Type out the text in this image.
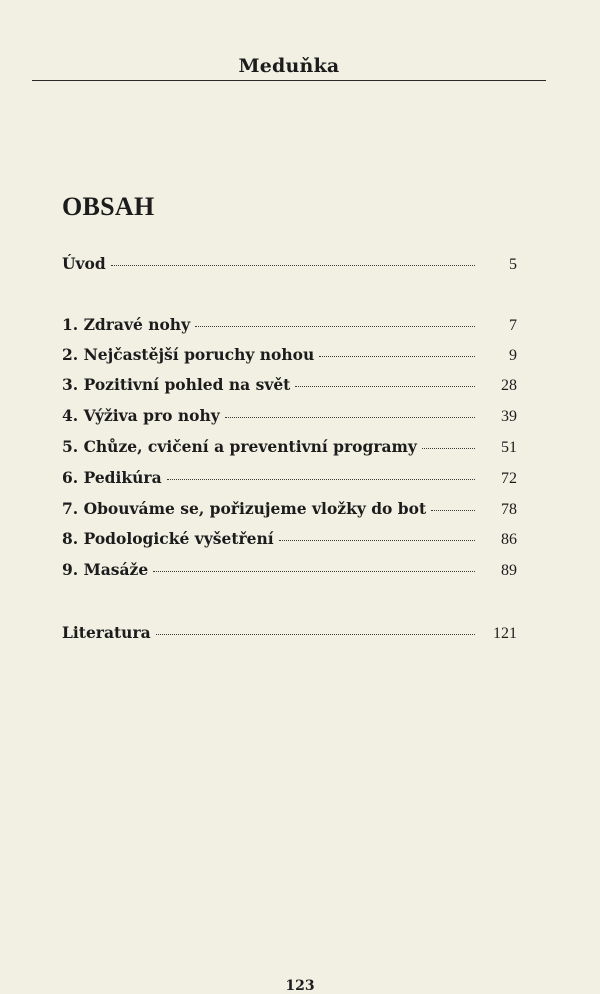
Meduňka
OBSAH
Úvod	5
1. Zdravé nohy	7
2. Nejčastější poruchy nohou	9
3. Pozitivní pohled na svět	28
4. Výživa pro nohy	39
5. Chůze, cvičení a preventivní programy	51
6. Pedikúra	72
7. Obouváme se, pořizujeme vložky do bot	78
8. Podologické vyšetření	86
9. Masáže	89
Literatura	121
123
